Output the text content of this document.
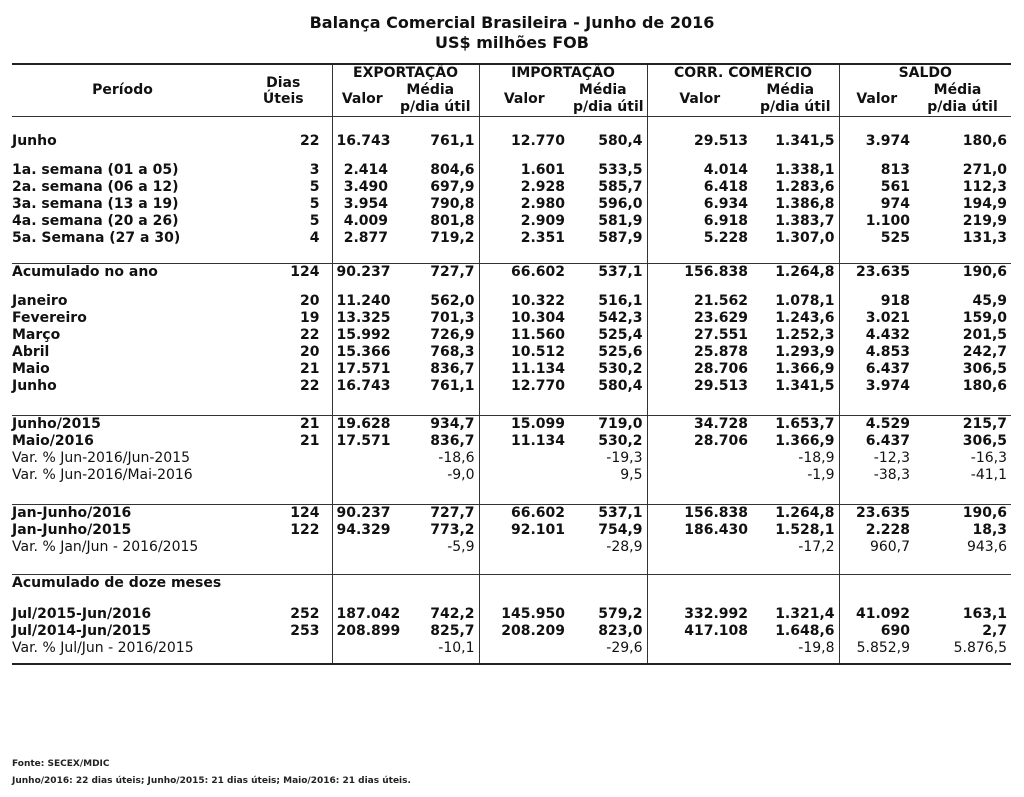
Balança Comercial Brasileira - Junho de 2016
US$ milhões FOB
Período	Dias
Úteis	EXPORTAÇÃO		IMPORTAÇÃO		CORR. COMÉRCIO		SALDO	
		Valor	Média	Valor	Média	Valor	Média	Valor	Média
			p/dia útil		p/dia útil		p/dia útil		p/dia útil

Junho	22	16.743	761,1	12.770	580,4	29.513	1.341,5	3.974	180,6

1a. semana (01 a 05)	3	2.414	804,6	1.601	533,5	4.014	1.338,1	813	271,0
2a. semana (06 a 12)	5	3.490	697,9	2.928	585,7	6.418	1.283,6	561	112,3
3a. semana (13 a 19)	5	3.954	790,8	2.980	596,0	6.934	1.386,8	974	194,9
4a. semana (20 a 26)	5	4.009	801,8	2.909	581,9	6.918	1.383,7	1.100	219,9
5a. Semana (27 a 30)	4	2.877	719,2	2.351	587,9	5.228	1.307,0	525	131,3

Acumulado no ano	124	90.237	727,7	66.602	537,1	156.838	1.264,8	23.635	190,6

Janeiro	20	11.240	562,0	10.322	516,1	21.562	1.078,1	918	45,9
Fevereiro	19	13.325	701,3	10.304	542,3	23.629	1.243,6	3.021	159,0
Março	22	15.992	726,9	11.560	525,4	27.551	1.252,3	4.432	201,5
Abril	20	15.366	768,3	10.512	525,6	25.878	1.293,9	4.853	242,7
Maio	21	17.571	836,7	11.134	530,2	28.706	1.366,9	6.437	306,5
Junho	22	16.743	761,1	12.770	580,4	29.513	1.341,5	3.974	180,6

Junho/2015	21	19.628	934,7	15.099	719,0	34.728	1.653,7	4.529	215,7
Maio/2016	21	17.571	836,7	11.134	530,2	28.706	1.366,9	6.437	306,5
Var. % Jun-2016/Jun-2015			-18,6		-19,3		-18,9	-12,3	-16,3
Var. % Jun-2016/Mai-2016			-9,0		9,5		-1,9	-38,3	-41,1

Jan-Junho/2016	124	90.237	727,7	66.602	537,1	156.838	1.264,8	23.635	190,6
Jan-Junho/2015	122	94.329	773,2	92.101	754,9	186.430	1.528,1	2.228	18,3
Var. % Jan/Jun - 2016/2015			-5,9		-28,9		-17,2	960,7	943,6

Acumulado de doze meses									

Jul/2015-Jun/2016	252	187.042	742,2	145.950	579,2	332.992	1.321,4	41.092	163,1
Jul/2014-Jun/2015	253	208.899	825,7	208.209	823,0	417.108	1.648,6	690	2,7
Var. % Jul/Jun - 2016/2015			-10,1		-29,6		-19,8	5.852,9	5.876,5

Fonte: SECEX/MDIC
Junho/2016: 22 dias úteis; Junho/2015: 21 dias úteis; Maio/2016: 21 dias úteis.
